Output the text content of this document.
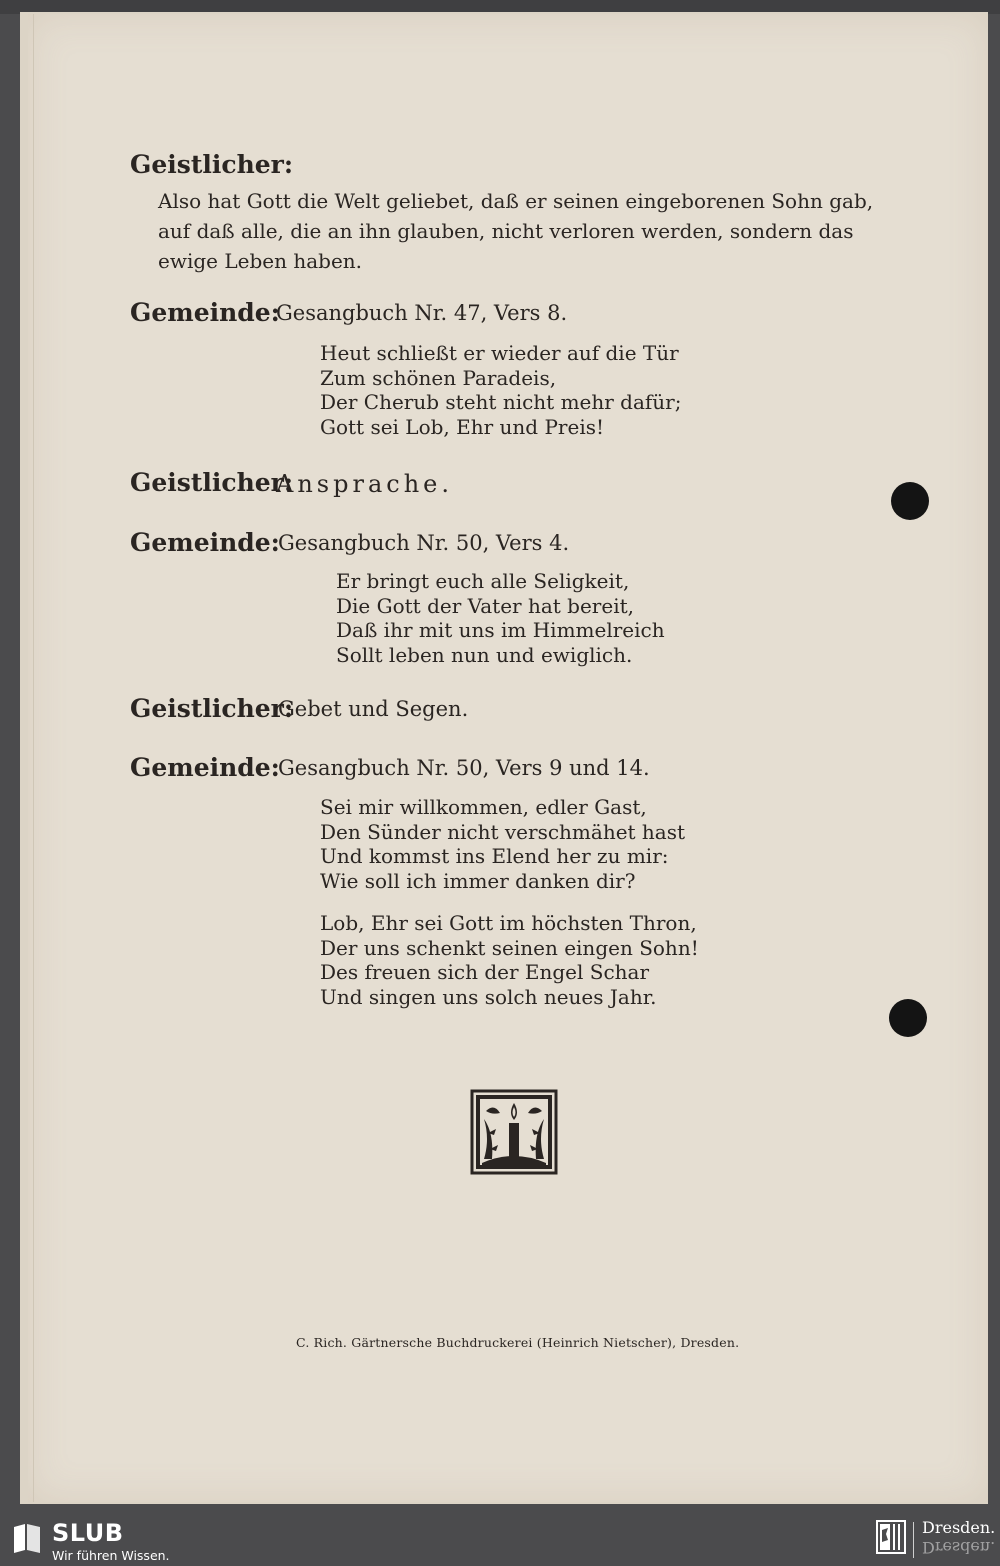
Geistlicher:
Also hat Gott die Welt geliebet, daß er seinen eingeborenen Sohn gab,
auf daß alle, die an ihn glauben, nicht verloren werden, sondern das
ewige Leben haben.
Gemeinde:
Gesangbuch Nr. 47, Vers 8.
Heut schließt er wieder auf die Tür
Zum schönen Paradeis,
Der Cherub steht nicht mehr dafür;
Gott sei Lob, Ehr und Preis!
Geistlicher:
Ansprache.
Gemeinde:
Gesangbuch Nr. 50, Vers 4.
Er bringt euch alle Seligkeit,
Die Gott der Vater hat bereit,
Daß ihr mit uns im Himmelreich
Sollt leben nun und ewiglich.
Geistlicher:
Gebet und Segen.
Gemeinde:
Gesangbuch Nr. 50, Vers 9 und 14.
Sei mir willkommen, edler Gast,
Den Sünder nicht verschmähet hast
Und kommst ins Elend her zu mir:
Wie soll ich immer danken dir?
Lob, Ehr sei Gott im höchsten Thron,
Der uns schenkt seinen eingen Sohn!
Des freuen sich der Engel Schar
Und singen uns solch neues Jahr.
C. Rich. Gärtnersche Buchdruckerei (Heinrich Nietscher), Dresden.
SLUB
Wir führen Wissen.
Dresden.
Dresden.
